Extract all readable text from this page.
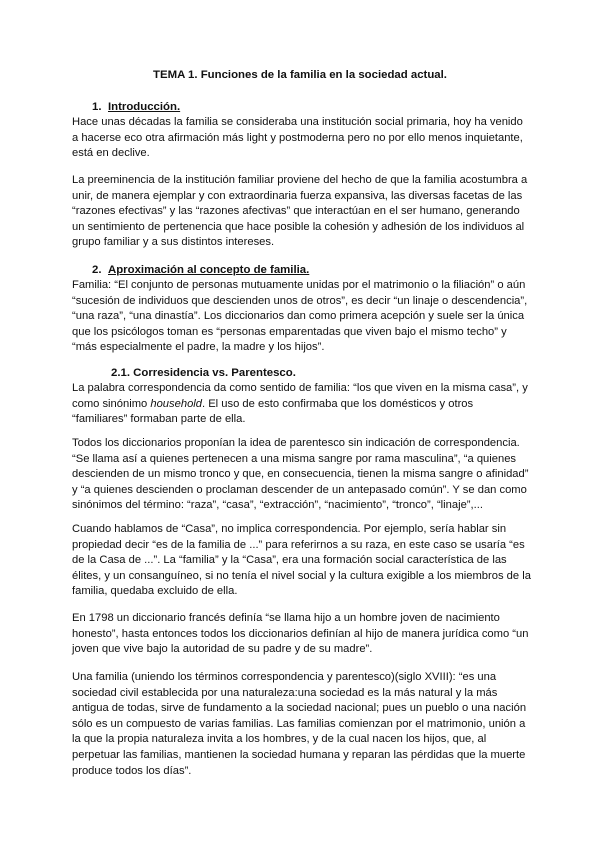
TEMA 1. Funciones de la familia en la sociedad actual.
1. Introducción.
Hace unas décadas la familia se consideraba una institución social primaria, hoy ha venido
a hacerse eco otra afirmación más light y postmoderna pero no por ello menos inquietante,
está en declive.
La preeminencia de la institución familiar proviene del hecho de que la familia acostumbra a
unir, de manera ejemplar y con extraordinaria fuerza expansiva, las diversas facetas de las
“razones efectivas” y las “razones afectivas” que interactúan en el ser humano, generando
un sentimiento de pertenencia que hace posible la cohesión y adhesión de los individuos al
grupo familiar y a sus distintos intereses.
2. Aproximación al concepto de familia.
Familia: “El conjunto de personas mutuamente unidas por el matrimonio o la filiación” o aún
“sucesión de individuos que descienden unos de otros”, es decir “un linaje o descendencia”,
“una raza”, “una dinastía”. Los diccionarios dan como primera acepción y suele ser la única
que los psicólogos toman es “personas emparentadas que viven bajo el mismo techo” y
“más especialmente el padre, la madre y los hijos”.
2.1. Corresidencia vs. Parentesco.
La palabra correspondencia da como sentido de familia: “los que viven en la misma casa”, y
como sinónimo household. El uso de esto confirmaba que los domésticos y otros
“familiares” formaban parte de ella.
Todos los diccionarios proponían la idea de parentesco sin indicación de correspondencia.
“Se llama así a quienes pertenecen a una misma sangre por rama masculina”, “a quienes
descienden de un mismo tronco y que, en consecuencia, tienen la misma sangre o afinidad”
y “a quienes descienden o proclaman descender de un antepasado común”. Y se dan como
sinónimos del término: “raza”, “casa”, “extracción”, “nacimiento”, “tronco”, “linaje”,...
Cuando hablamos de “Casa”, no implica correspondencia. Por ejemplo, sería hablar sin
propiedad decir “es de la familia de ...” para referirnos a su raza, en este caso se usaría “es
de la Casa de ...”. La “familia” y la “Casa”, era una formación social característica de las
élites, y un consanguíneo, si no tenía el nivel social y la cultura exigible a los miembros de la
familia, quedaba excluido de ella.
En 1798 un diccionario francés definía “se llama hijo a un hombre joven de nacimiento
honesto”, hasta entonces todos los diccionarios definían al hijo de manera jurídica como “un
joven que vive bajo la autoridad de su padre y de su madre”.
Una familia (uniendo los términos correspondencia y parentesco)(siglo XVIII): “es una
sociedad civil establecida por una naturaleza:una sociedad es la más natural y la más
antigua de todas, sirve de fundamento a la sociedad nacional; pues un pueblo o una nación
sólo es un compuesto de varias familias. Las familias comienzan por el matrimonio, unión a
la que la propia naturaleza invita a los hombres, y de la cual nacen los hijos, que, al
perpetuar las familias, mantienen la sociedad humana y reparan las pérdidas que la muerte
produce todos los días”.
